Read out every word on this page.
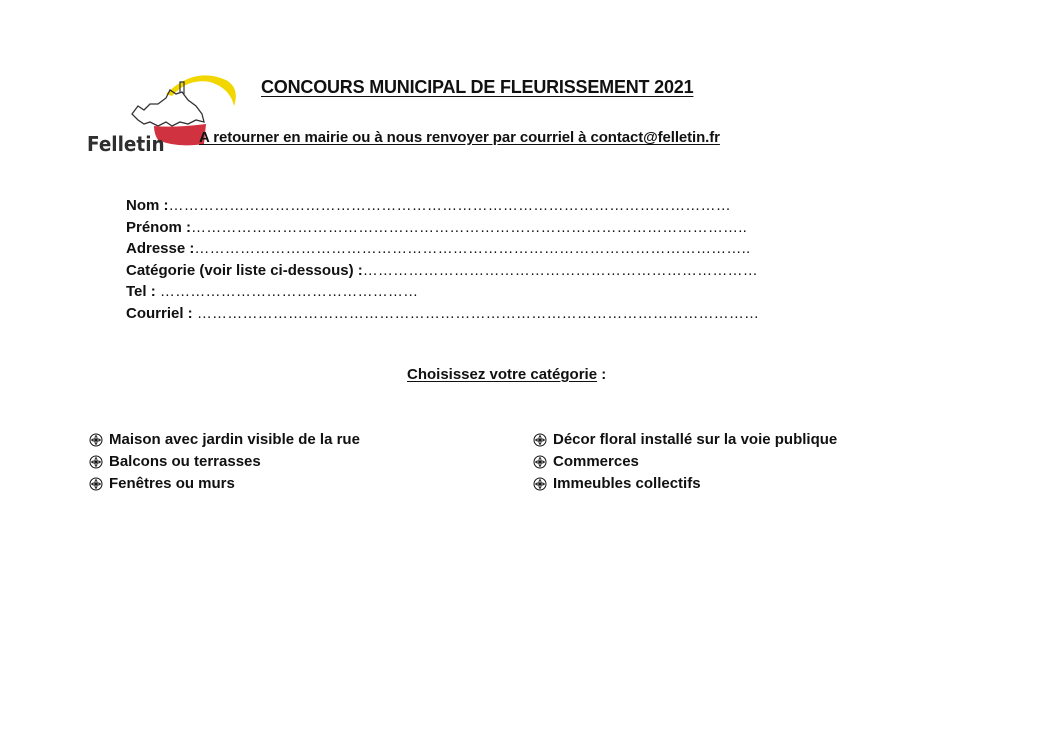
Felletin
CONCOURS MUNICIPAL DE FLEURISSEMENT 2021
A retourner en mairie ou à nous renvoyer par courriel à contact@felletin.fr
Nom :…………………………………………………………………………………………………
Prénom :………………………………………………………………………………………………..
Adresse :………………………………………………………………………………………………..
Catégorie (voir liste ci-dessous) :……………………………………………………………………
Tel : ……………………………………………
Courriel : …………………………………………………………………………………………………
Choisissez votre catégorie :
Maison avec jardin visible de la rue
Balcons ou terrasses
Fenêtres ou murs
Décor floral installé sur la voie publique
Commerces
Immeubles collectifs
